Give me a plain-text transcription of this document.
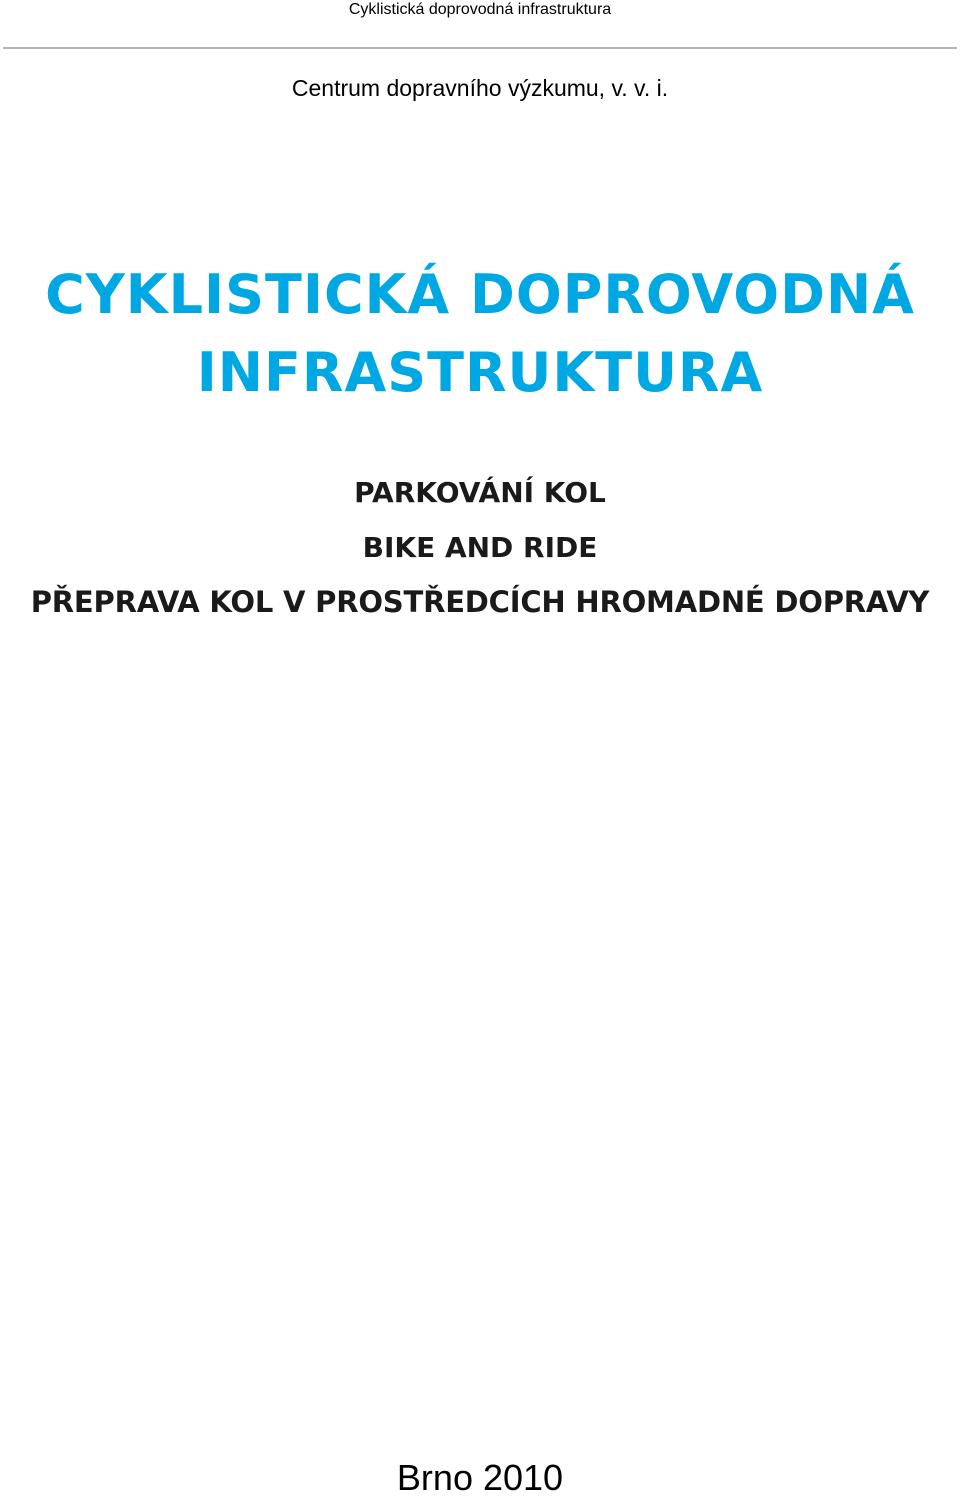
Cyklistická doprovodná infrastruktura
Centrum dopravního výzkumu, v. v. i.
CYKLISTICKÁ DOPROVODNÁ
INFRASTRUKTURA
PARKOVÁNÍ KOL
BIKE AND RIDE
PŘEPRAVA KOL V PROSTŘEDCÍCH HROMADNÉ DOPRAVY
Brno 2010
